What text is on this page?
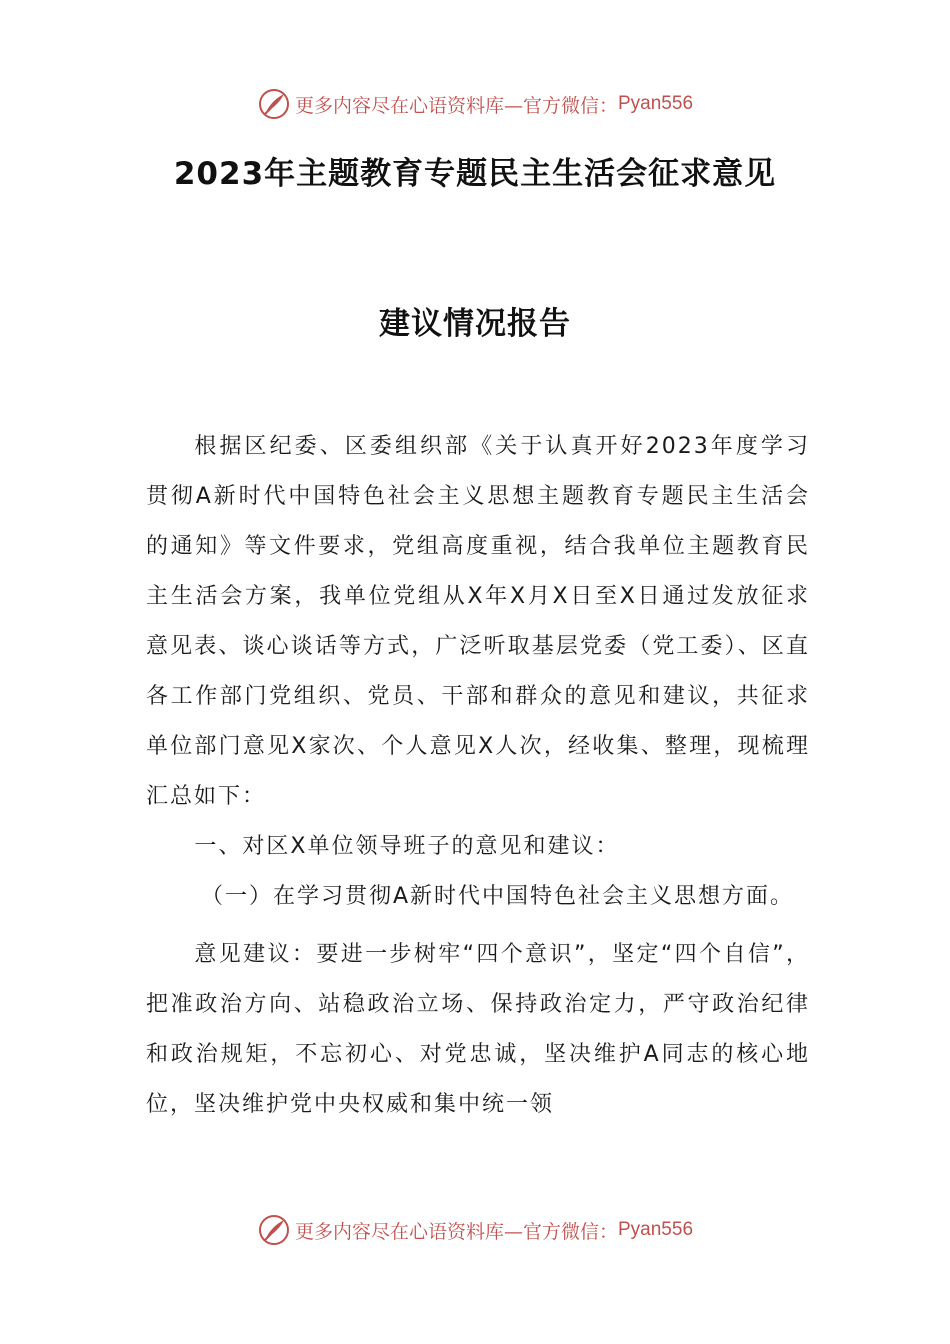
更多内容尽在心语资料库—官方微信： Pyan556
2023年主题教育专题民主生活会征求意见
建议情况报告

根据区纪委、区委组织部《关于认真开好2023年度学习贯彻A新时代中国特色社会主义思想主题教育专题民主生活会的通知》等文件要求，党组高度重视，结合我单位主题教育民主生活会方案，我单位党组从X年X月X日至X日通过发放征求意见表、谈心谈话等方式，广泛听取基层党委（党工委）、区直各工作部门党组织、党员、干部和群众的意见和建议，共征求单位部门意见X家次、个人意见X人次，经收集、整理，现梳理汇总如下：

一、对区X单位领导班子的意见和建议：

（一）在学习贯彻A新时代中国特色社会主义思想方面。

意见建议：要进一步树牢“四个意识”，坚定“四个自信”，把准政治方向、站稳政治立场、保持政治定力，严守政治纪律和政治规矩，不忘初心、对党忠诚，坚决维护A同志的核心地位，坚决维护党中央权威和集中统一领

更多内容尽在心语资料库—官方微信： Pyan556
